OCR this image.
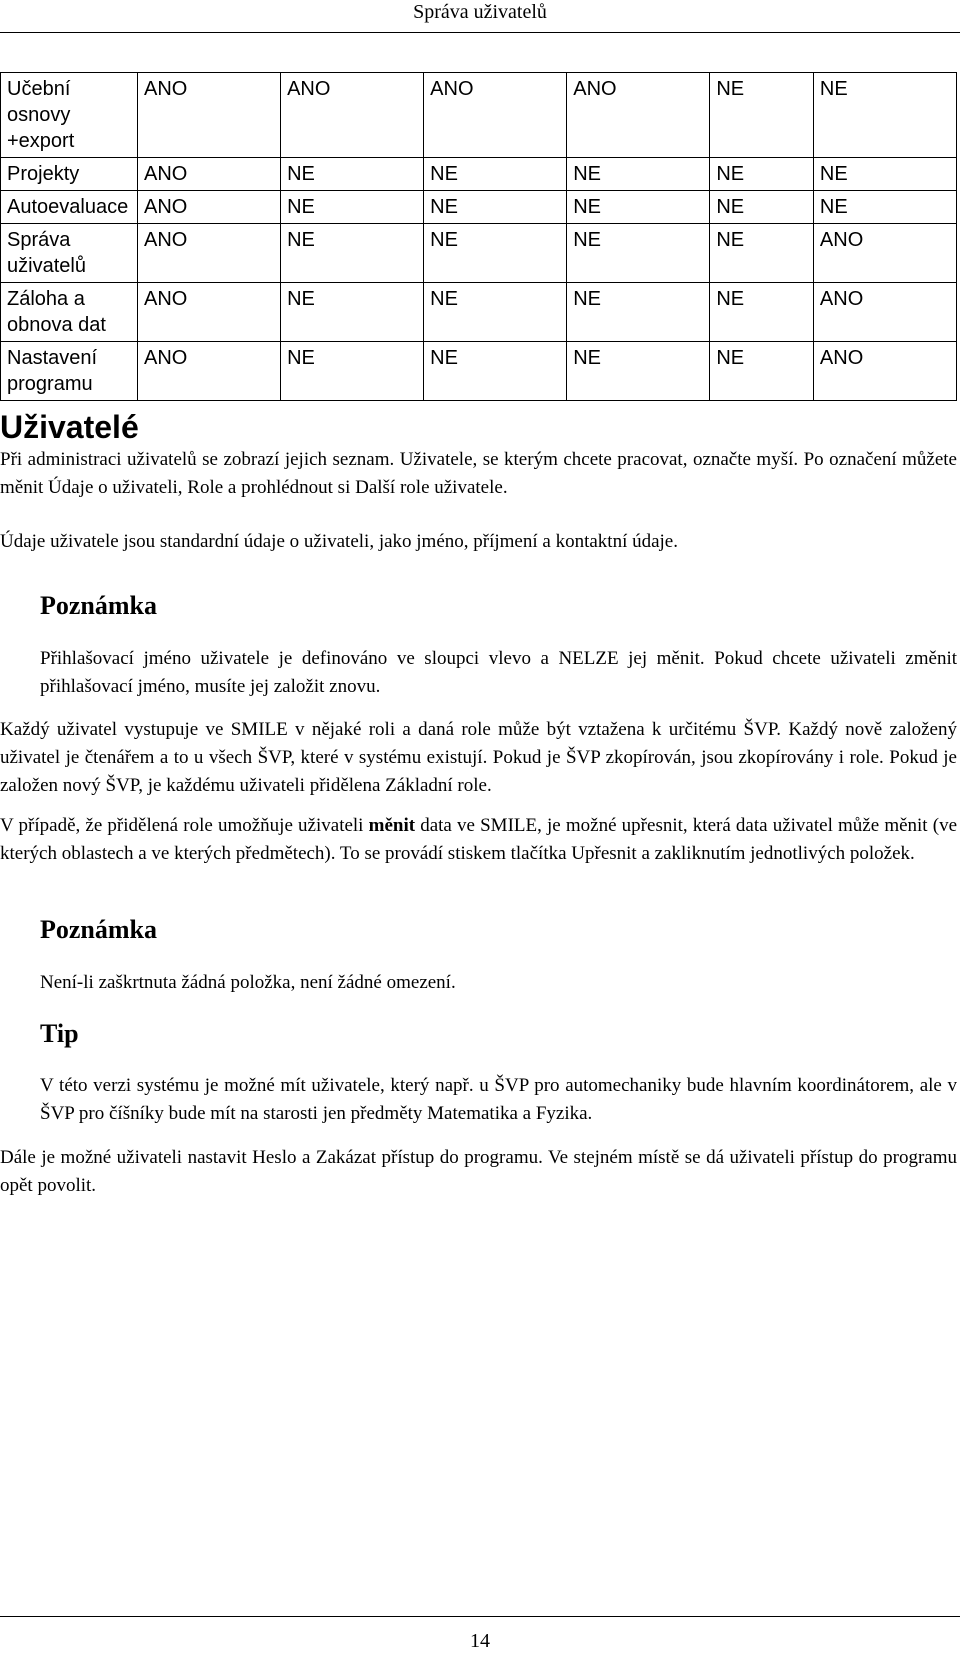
Správa uživatelů
Učební osnovy +export	ANO	ANO	ANO	ANO	NE	NE
Projekty	ANO	NE	NE	NE	NE	NE
Autoevaluace	ANO	NE	NE	NE	NE	NE
Správa uživatelů	ANO	NE	NE	NE	NE	ANO
Záloha a obnova dat	ANO	NE	NE	NE	NE	ANO
Nastavení programu	ANO	NE	NE	NE	NE	ANO
Uživatelé

Při administraci uživatelů se zobrazí jejich seznam. Uživatele, se kterým chcete pracovat, označte myší. Po označení můžete měnit Údaje o uživateli, Role a prohlédnout si Další role uživatele.

Údaje uživatele jsou standardní údaje o uživateli, jako jméno, příjmení a kontaktní údaje.

Poznámka

Přihlašovací jméno uživatele je definováno ve sloupci vlevo a NELZE jej měnit. Pokud chcete uživateli změnit přihlašovací jméno, musíte jej založit znovu.

Každý uživatel vystupuje ve SMILE v nějaké roli a daná role může být vztažena k určitému ŠVP. Každý nově založený uživatel je čtenářem a to u všech ŠVP, které v systému existují. Pokud je ŠVP zkopírován, jsou zkopírovány i role. Pokud je založen nový ŠVP, je každému uživateli přidělena Základní role.

V případě, že přidělená role umožňuje uživateli měnit data ve SMILE, je možné upřesnit, která data uživatel může měnit (ve kterých oblastech a ve kterých předmětech). To se provádí stiskem tlačítka Upřesnit a zakliknutím jednotlivých položek.

Poznámka

Není-li zaškrtnuta žádná položka, není žádné omezení.

Tip

V této verzi systému je možné mít uživatele, který např. u ŠVP pro automechaniky bude hlavním koordinátorem, ale v ŠVP pro číšníky bude mít na starosti jen předměty Matematika a Fyzika.

Dále je možné uživateli nastavit Heslo a Zakázat přístup do programu. Ve stejném místě se dá uživateli přístup do programu opět povolit.

14
